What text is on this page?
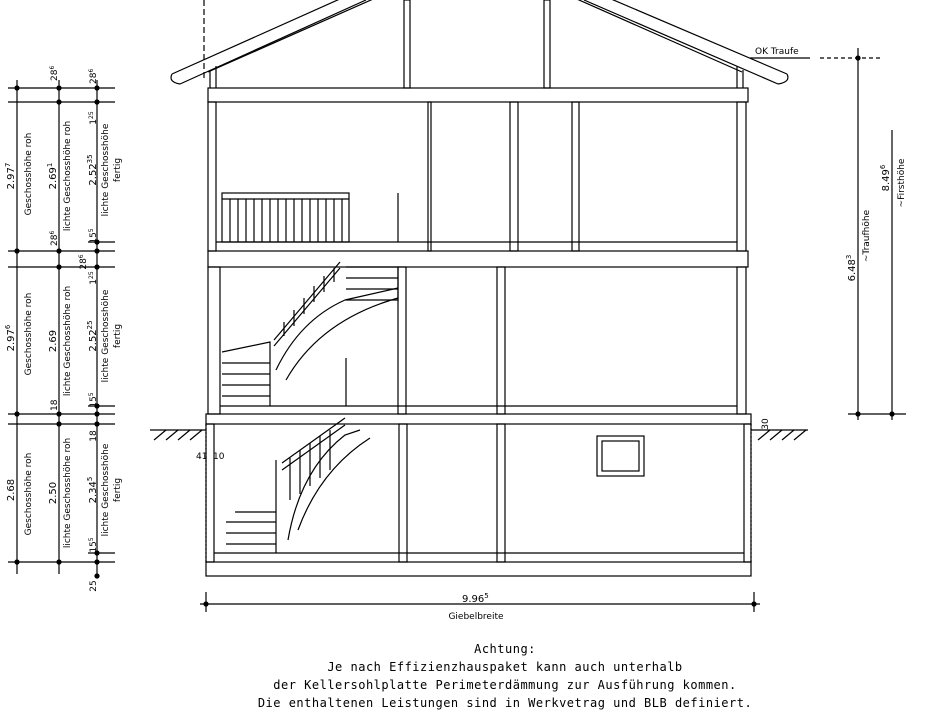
OK Traufe
6.48$^3$	~Traufhöhe
8.49$^6$	~Firsthöhe
30
41 10
9.96$^5$
Giebelbreite
2.97$^7$	Geschosshöhe roh
2.97$^6$	Geschosshöhe roh
2.68 Geschosshöhe roh
$28^6$
2.69$^1$	lichte Geschosshöhe roh
$28^6$
2.69 lichte Geschosshöhe roh
18
2.50 lichte Geschosshöhe roh
$28^6$
$1^{25}$
2.52$^{35}$ lichte Geschosshöhe fertig
$15^5$
$28^6$
$1^{25}$
2.52$^{25}$ lichte Geschosshöhe fertig
$15^5$
18
2.34$^5$ lichte Geschosshöhe fertig
$15^5$
25
Achtung:
Je nach Effizienzhauspaket kann auch unterhalb
der Kellersohlplatte Perimeterdämmung zur Ausführung kommen.
Die enthaltenen Leistungen sind in Werkvetrag und BLB definiert.
